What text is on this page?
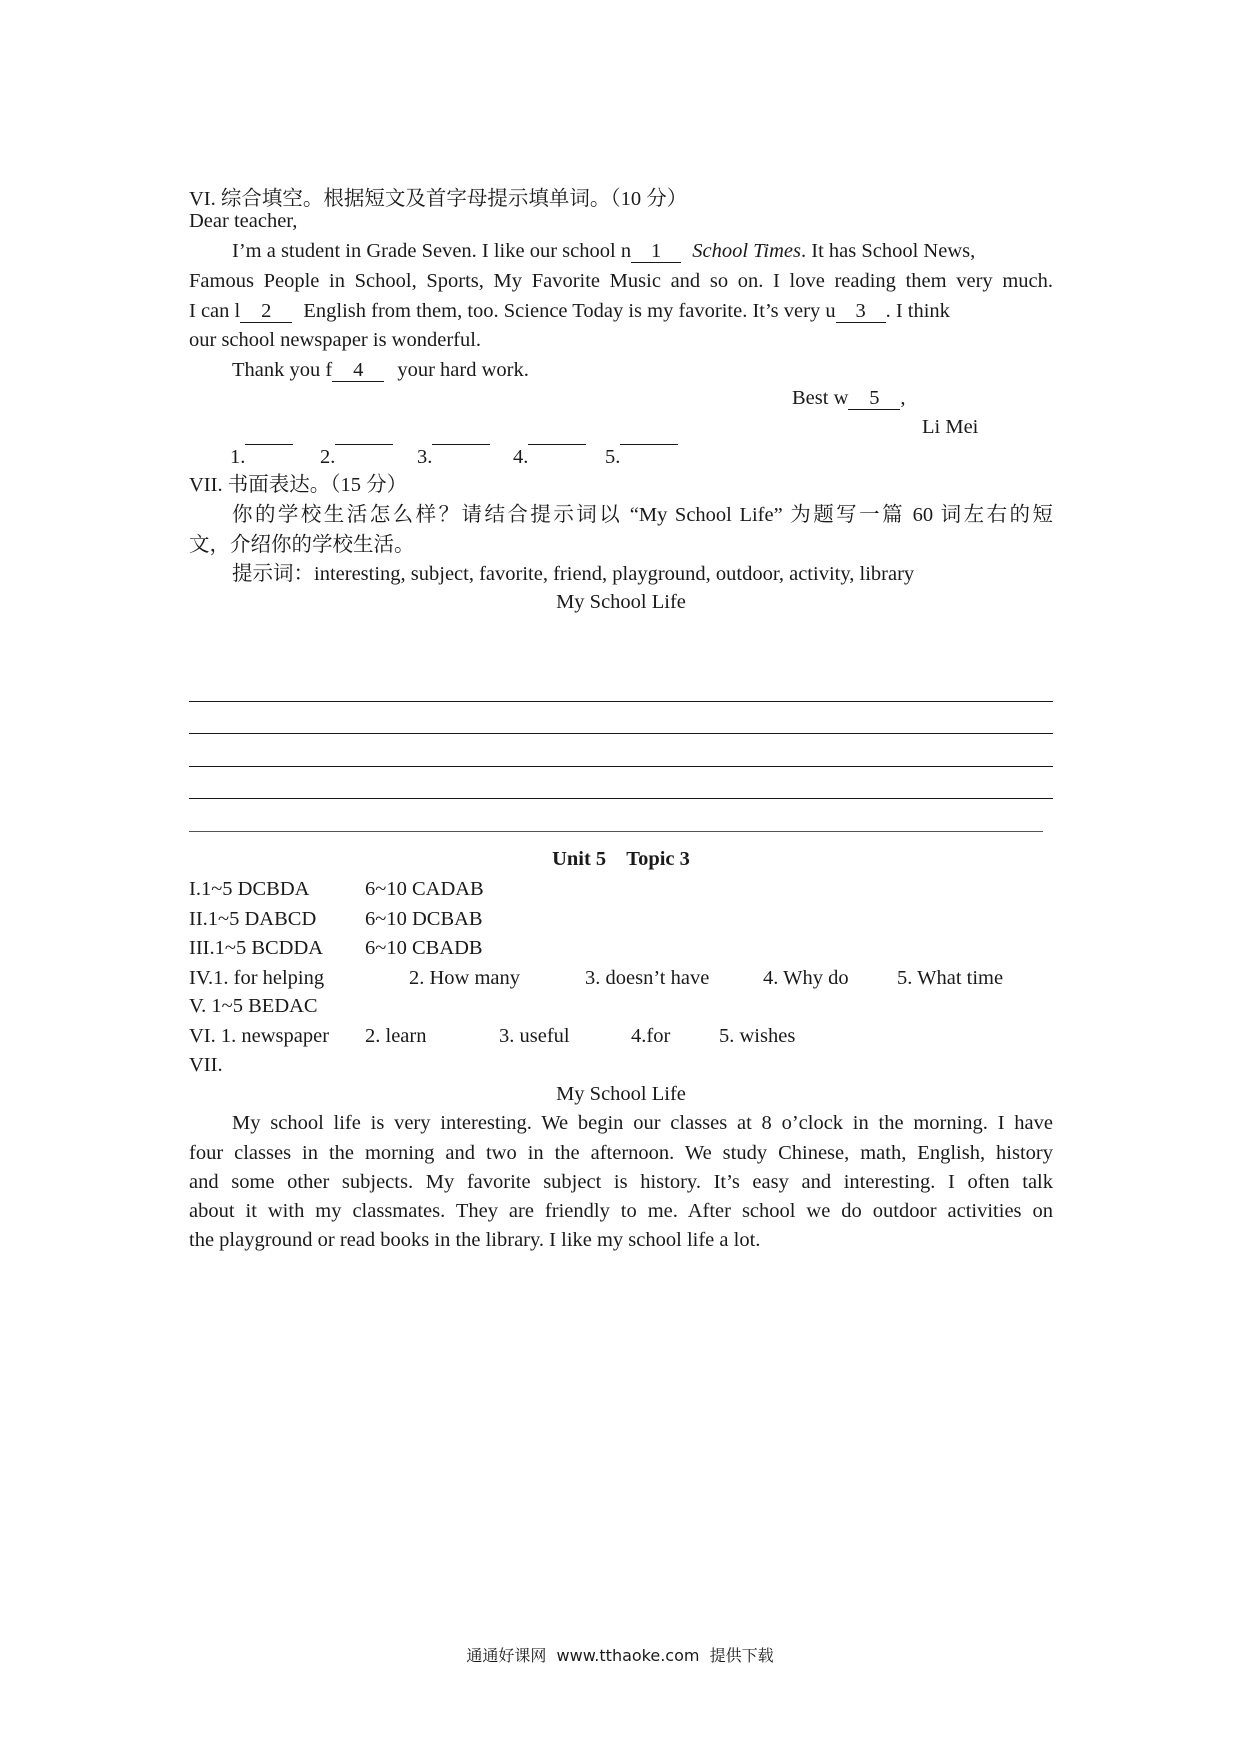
VI. 综合填空。根据短文及首字母提示填单词。（10 分）
Dear teacher,
I’m a student in Grade Seven. I like our school n 1 School Times. It has School News,
Famous People in School, Sports, My Favorite Music and so on. I love reading them very much.
I can l 2 English from them, too. Science Today is my favorite. It’s very u 3 . I think
our school newspaper is wonderful.
Thank you f 4 your hard work.
Best w 5 ,
Li Mei
1.	2.	3.	4.	5.
VII. 书面表达。（15 分）
你的学校生活怎么样？请结合提示词以 “My School Life” 为题写一篇 60 词左右的短
文，介绍你的学校生活。
提示词：interesting, subject, favorite, friend, playground, outdoor, activity, library
My School Life
Unit 5    Topic 3
I.1~5 DCBDA	6~10 CADAB
II.1~5 DABCD 6~10 DCBAB
III.1~5 BCDDA 6~10 CBADB
IV.1. for helping	2. How many	3. doesn’t have	4. Why do 5. What time
V. 1~5 BEDAC
VI. 1. newspaper 2. learn	3. useful	4.for 5. wishes
VII.
My School Life
My school life is very interesting. We begin our classes at 8 o’clock in the morning. I have
four classes in the morning and two in the afternoon. We study Chinese, math, English, history
and some other subjects. My favorite subject is history. It’s easy and interesting. I often talk
about it with my classmates. They are friendly to me. After school we do outdoor activities on
the playground or read books in the library. I like my school life a lot.
通通好课网  www.tthaoke.com  提供下载
